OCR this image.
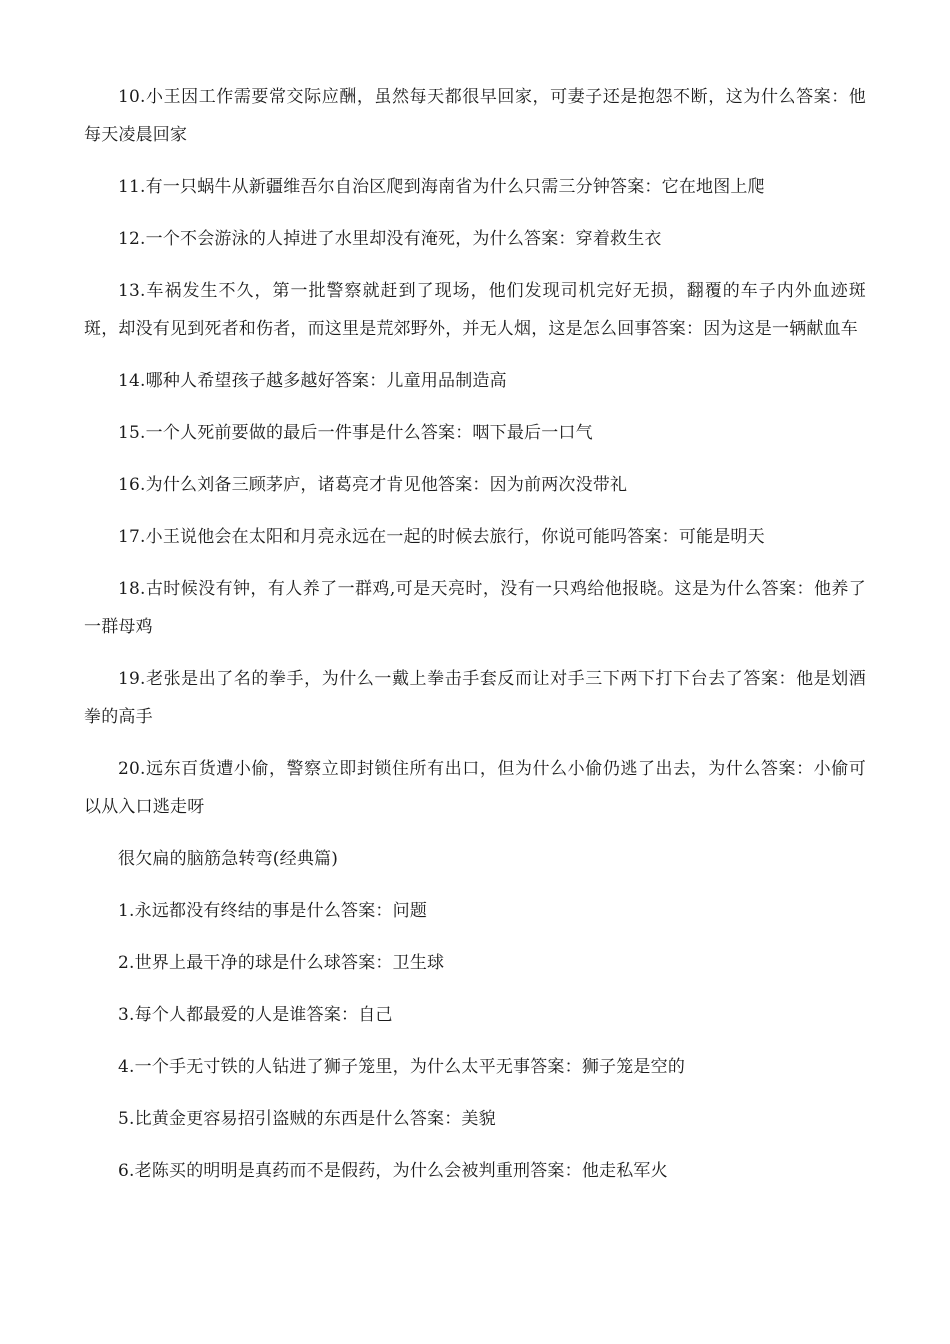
10.小王因工作需要常交际应酬，虽然每天都很早回家，可妻子还是抱怨不断，这为什么答案：他每天凌晨回家

11.有一只蜗牛从新疆维吾尔自治区爬到海南省为什么只需三分钟答案：它在地图上爬

12.一个不会游泳的人掉进了水里却没有淹死，为什么答案：穿着救生衣

13.车祸发生不久，第一批警察就赶到了现场，他们发现司机完好无损，翻覆的车子内外血迹斑斑，却没有见到死者和伤者，而这里是荒郊野外，并无人烟，这是怎么回事答案：因为这是一辆献血车

14.哪种人希望孩子越多越好答案：儿童用品制造高

15.一个人死前要做的最后一件事是什么答案：咽下最后一口气

16.为什么刘备三顾茅庐，诸葛亮才肯见他答案：因为前两次没带礼

17.小王说他会在太阳和月亮永远在一起的时候去旅行，你说可能吗答案：可能是明天

18.古时候没有钟，有人养了一群鸡,可是天亮时，没有一只鸡给他报晓。这是为什么答案：他养了一群母鸡

19.老张是出了名的拳手，为什么一戴上拳击手套反而让对手三下两下打下台去了答案：他是划酒拳的高手

20.远东百货遭小偷，警察立即封锁住所有出口，但为什么小偷仍逃了出去，为什么答案：小偷可以从入口逃走呀

很欠扁的脑筋急转弯(经典篇)

1.永远都没有终结的事是什么答案：问题

2.世界上最干净的球是什么球答案：卫生球

3.每个人都最爱的人是谁答案：自己

4.一个手无寸铁的人钻进了狮子笼里，为什么太平无事答案：狮子笼是空的

5.比黄金更容易招引盗贼的东西是什么答案：美貌

6.老陈买的明明是真药而不是假药，为什么会被判重刑答案：他走私军火
